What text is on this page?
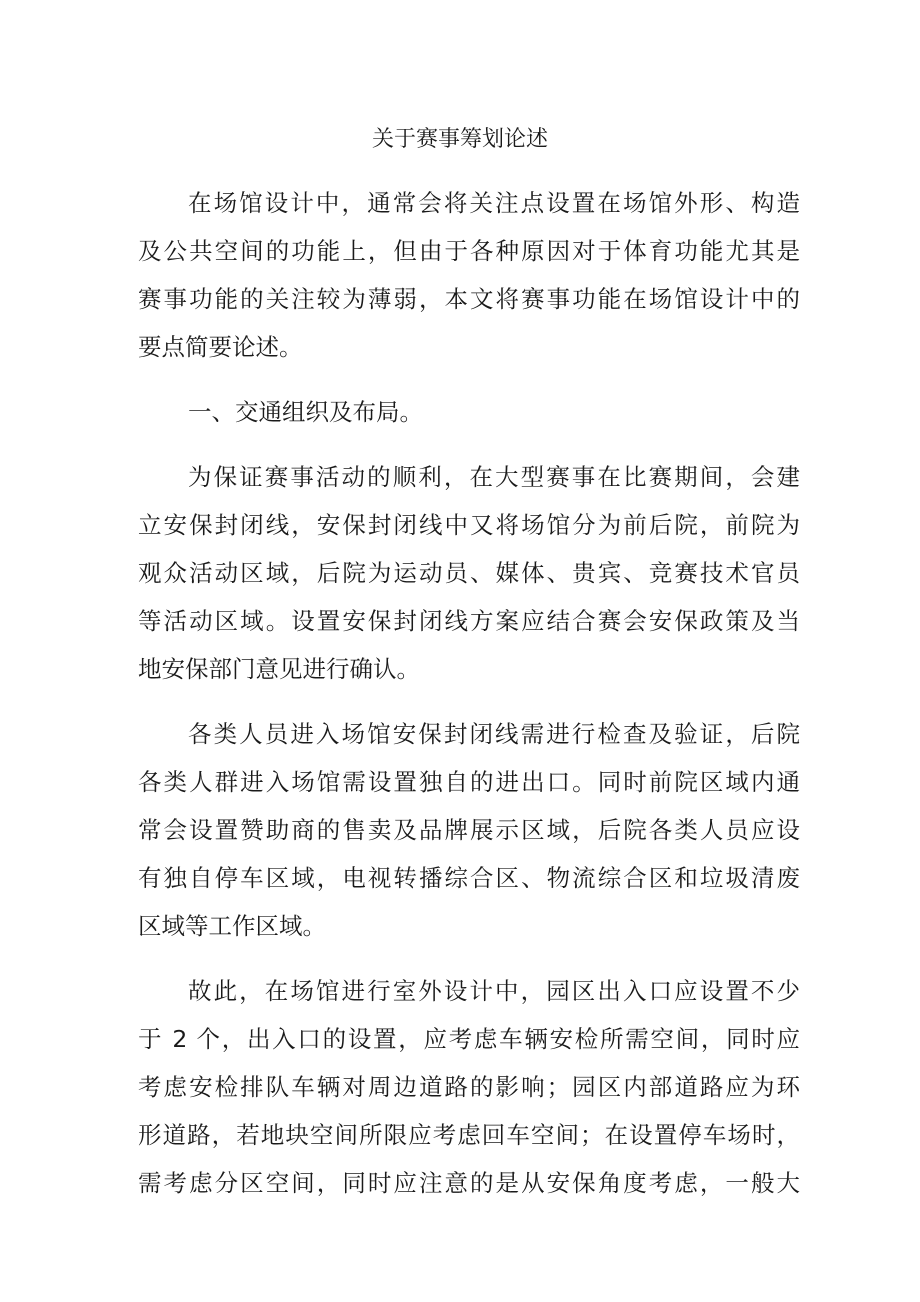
关于赛事筹划论述
在场馆设计中，通常会将关注点设置在场馆外形、构造
及公共空间的功能上，但由于各种原因对于体育功能尤其是
赛事功能的关注较为薄弱，本文将赛事功能在场馆设计中的
要点简要论述。
一、交通组织及布局。
为保证赛事活动的顺利，在大型赛事在比赛期间，会建
立安保封闭线，安保封闭线中又将场馆分为前后院，前院为
观众活动区域，后院为运动员、媒体、贵宾、竞赛技术官员
等活动区域。设置安保封闭线方案应结合赛会安保政策及当
地安保部门意见进行确认。
各类人员进入场馆安保封闭线需进行检查及验证，后院
各类人群进入场馆需设置独自的进出口。同时前院区域内通
常会设置赞助商的售卖及品牌展示区域，后院各类人员应设
有独自停车区域，电视转播综合区、物流综合区和垃圾清废
区域等工作区域。
故此，在场馆进行室外设计中，园区出入口应设置不少
于 2 个，出入口的设置，应考虑车辆安检所需空间，同时应
考虑安检排队车辆对周边道路的影响；园区内部道路应为环
形道路，若地块空间所限应考虑回车空间；在设置停车场时，
需考虑分区空间，同时应注意的是从安保角度考虑，一般大
